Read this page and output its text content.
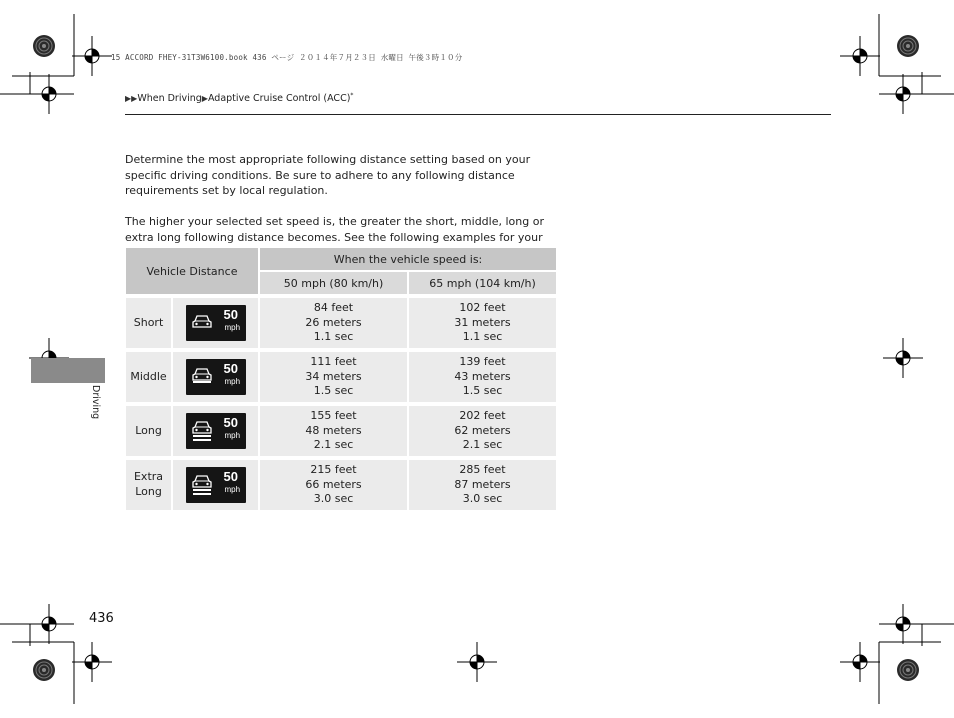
15 ACCORD FHEY-31T3W6100.book 436 ページ ２０１４年７月２３日 水曜日 午後３時１０分
▶▶When Driving▶Adaptive Cruise Control (ACC)*
Determine the most appropriate following distance setting based on your specific driving conditions. Be sure to adhere to any following distance requirements set by local regulation.
The higher your selected set speed is, the greater the short, middle, long or extra long following distance becomes. See the following examples for your
Vehicle Distance
When the vehicle speed is:
50 mph (80 km/h)	65 mph (104 km/h)
Short
50
mph
84 feet
26 meters
1.1 sec
102 feet
31 meters
1.1 sec
Middle
50
mph
111 feet
34 meters
1.5 sec
139 feet
43 meters
1.5 sec
Long
50
mph
155 feet
48 meters
2.1 sec
202 feet
62 meters
2.1 sec
Extra Long
50
mph
215 feet
66 meters
3.0 sec
285 feet
87 meters
3.0 sec
Driving
436
